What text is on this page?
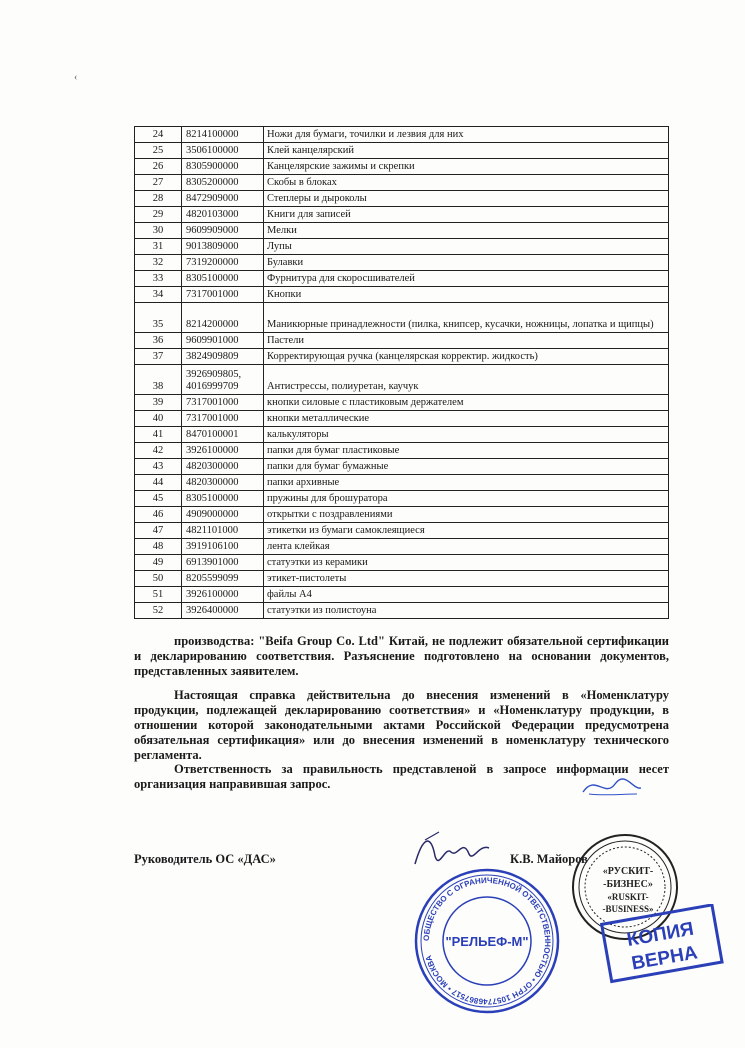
‹
24	8214100000	Ножи для бумаги, точилки и лезвия для них
25	3506100000	Клей канцелярский
26	8305900000	Канцелярские зажимы и скрепки
27	8305200000	Скобы в блоках
28	8472909000	Степлеры и дыроколы
29	4820103000	Книги для записей
30	9609909000	Мелки
31	9013809000	Лупы
32	7319200000	Булавки
33	8305100000	Фурнитура для скоросшивателей
34	7317001000	Кнопки
35	8214200000	Маникюрные принадлежности (пилка, книпсер, кусачки, ножницы, лопатка и щипцы)
36	9609901000	Пастели
37	3824909809	Корректирующая ручка (канцелярская корректир. жидкость)
38	3926909805,
4016999709	Антистрессы, полиуретан, каучук
39	7317001000	кнопки силовые с пластиковым держателем
40	7317001000	кнопки металлические
41	8470100001	калькуляторы
42	3926100000	папки для бумаг пластиковые
43	4820300000	папки для бумаг бумажные
44	4820300000	папки архивные
45	8305100000	пружины для брошуратора
46	4909000000	открытки с поздравлениями
47	4821101000	этикетки из бумаги самоклеящиеся
48	3919106100	лента клейкая
49	6913901000	статуэтки из керамики
50	8205599099	этикет-пистолеты
51	3926100000	файлы А4
52	3926400000	статуэтки из полистоуна
производства: "Beifa Group Co. Ltd" Китай, не подлежит обязательной сертификации и декларированию соответствия. Разъяснение подготовлено на основании документов, представленных заявителем.
Настоящая справка действительна до внесения изменений в «Номенклатуру продукции, подлежащей декларированию соответствия» и «Номенклатуру продукции, в отношении которой законодательными актами Российской Федерации предусмотрена обязательная сертификация» или до внесения изменений в номенклатуру технического регламента.
Ответственность за правильность представленой в запросе информации несет организация направившая запрос.
Руководитель ОС «ДАС»	К.В. Майоров
ОБЩЕСТВО С ОГРАНИЧЕННОЙ ОТВЕТСТВЕННОСТЬЮ • ОГРН 1057746867517 • МОСКВА
"РЕЛЬЕФ-М"
«РУСКИТ-
-БИЗНЕС»
«RUSKIT-
-BUSINESS»
КОПИЯ
ВЕРНА
